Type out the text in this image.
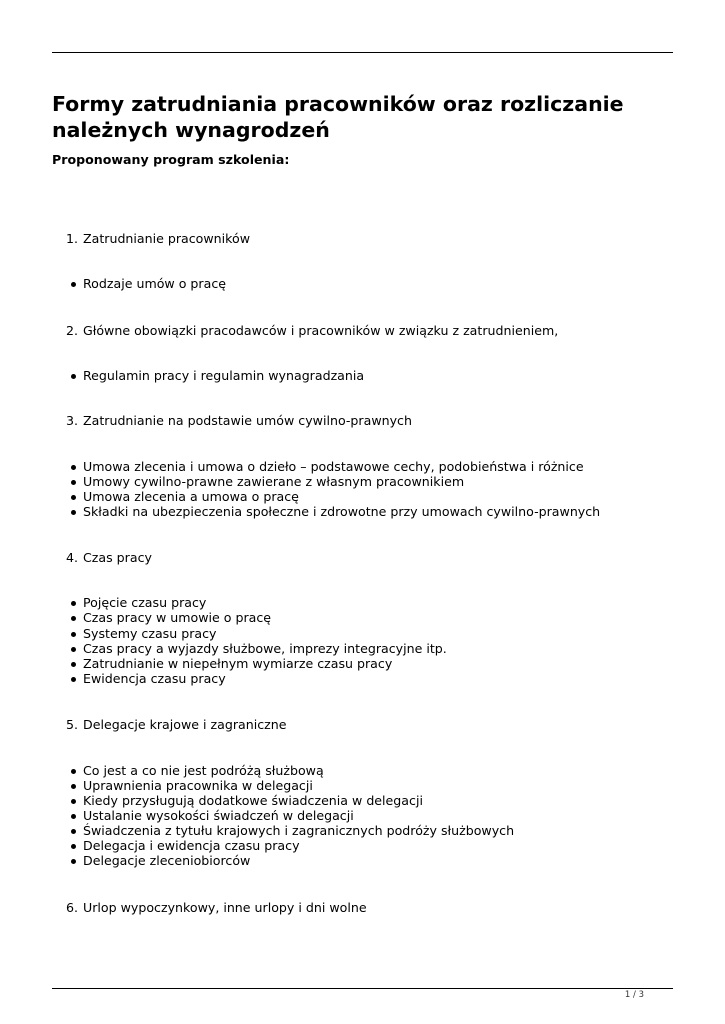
Formy zatrudniania pracowników oraz rozliczanie należnych wynagrodzeń

Proponowany program szkolenia:

1. Zatrudnianie pracowników
Rodzaje umów o pracę
2. Główne obowiązki pracodawców i pracowników w związku z zatrudnieniem,
Regulamin pracy i regulamin wynagradzania
3. Zatrudnianie na podstawie umów cywilno-prawnych
Umowa zlecenia i umowa o dzieło – podstawowe cechy, podobieństwa i różnice
Umowy cywilno-prawne zawierane z własnym pracownikiem
Umowa zlecenia a umowa o pracę
Składki na ubezpieczenia społeczne i zdrowotne przy umowach cywilno-prawnych
4. Czas pracy
Pojęcie czasu pracy
Czas pracy w umowie o pracę
Systemy czasu pracy
Czas pracy a wyjazdy służbowe, imprezy integracyjne itp.
Zatrudnianie w niepełnym wymiarze czasu pracy
Ewidencja czasu pracy
5. Delegacje krajowe i zagraniczne
Co jest a co nie jest podróżą służbową
Uprawnienia pracownika w delegacji
Kiedy przysługują dodatkowe świadczenia w delegacji
Ustalanie wysokości świadczeń w delegacji
Świadczenia z tytułu krajowych i zagranicznych podróży służbowych
Delegacja i ewidencja czasu pracy
Delegacje zleceniobiorców
6. Urlop wypoczynkowy, inne urlopy i dni wolne
1 / 3
